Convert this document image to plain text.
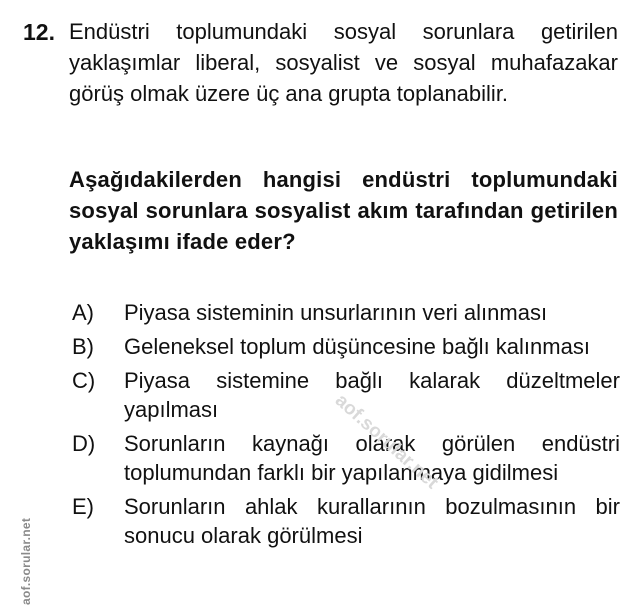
12. Endüstri toplumundaki sosyal sorunlara getirilen yaklaşımlar liberal, sosyalist ve sosyal muhafazakar görüş olmak üzere üç ana grupta toplanabilir.
Aşağıdakilerden hangisi endüstri toplumundaki sosyal sorunlara sosyalist akım tarafından getirilen yaklaşımı ifade eder?
A)	Piyasa sisteminin unsurlarının veri alınması
B)	Geleneksel toplum düşüncesine bağlı kalınması
C)	Piyasa sistemine bağlı kalarak düzeltmeler yapılması
D)	Sorunların kaynağı olarak görülen endüstri toplumundan farklı bir yapılanmaya gidilmesi
E)	Sorunların ahlak kurallarının bozulmasının bir sonucu olarak görülmesi
aof.sorular.net
aof.sorular.net
